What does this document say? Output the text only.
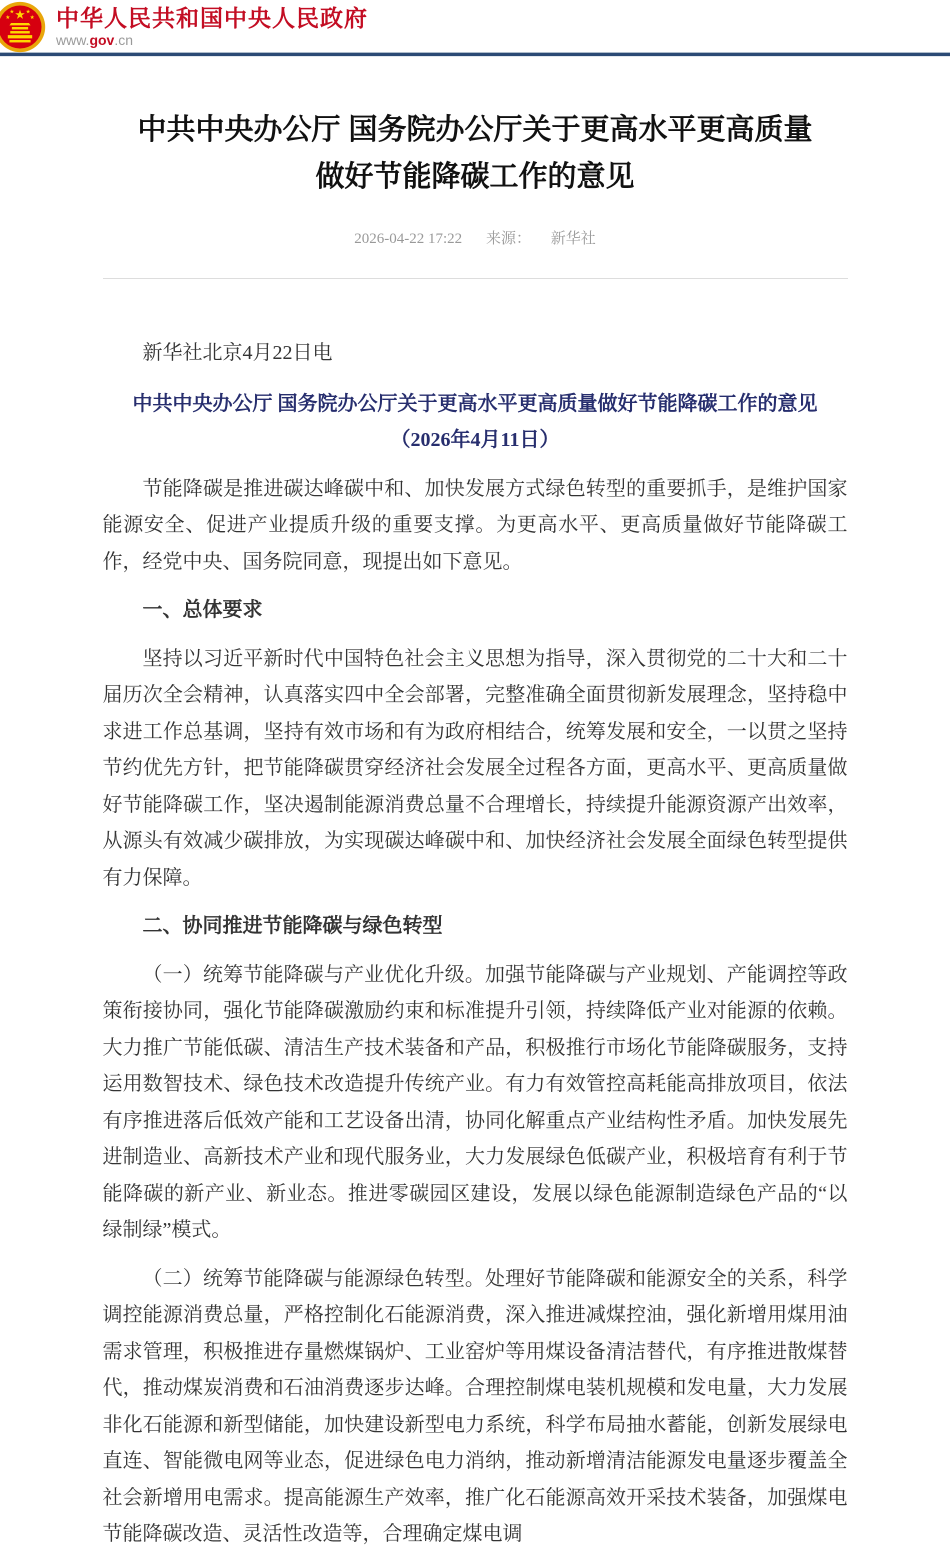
中华人民共和国中央人民政府
www.gov.cn
中共中央办公厅 国务院办公厅关于更高水平更高质量做好节能降碳工作的意见
2026-04-22 17:22 来源： 新华社

新华社北京4月22日电

中共中央办公厅 国务院办公厅关于更高水平更高质量做好节能降碳工作的意见

（2026年4月11日）

节能降碳是推进碳达峰碳中和、加快发展方式绿色转型的重要抓手，是维护国家能源安全、促进产业提质升级的重要支撑。为更高水平、更高质量做好节能降碳工作，经党中央、国务院同意，现提出如下意见。

一、总体要求

坚持以习近平新时代中国特色社会主义思想为指导，深入贯彻党的二十大和二十届历次全会精神，认真落实四中全会部署，完整准确全面贯彻新发展理念，坚持稳中求进工作总基调，坚持有效市场和有为政府相结合，统筹发展和安全，一以贯之坚持节约优先方针，把节能降碳贯穿经济社会发展全过程各方面，更高水平、更高质量做好节能降碳工作，坚决遏制能源消费总量不合理增长，持续提升能源资源产出效率，从源头有效减少碳排放，为实现碳达峰碳中和、加快经济社会发展全面绿色转型提供有力保障。

二、协同推进节能降碳与绿色转型

（一）统筹节能降碳与产业优化升级。加强节能降碳与产业规划、产能调控等政策衔接协同，强化节能降碳激励约束和标准提升引领，持续降低产业对能源的依赖。大力推广节能低碳、清洁生产技术装备和产品，积极推行市场化节能降碳服务，支持运用数智技术、绿色技术改造提升传统产业。有力有效管控高耗能高排放项目，依法有序推进落后低效产能和工艺设备出清，协同化解重点产业结构性矛盾。加快发展先进制造业、高新技术产业和现代服务业，大力发展绿色低碳产业，积极培育有利于节能降碳的新产业、新业态。推进零碳园区建设，发展以绿色能源制造绿色产品的“以绿制绿”模式。

（二）统筹节能降碳与能源绿色转型。处理好节能降碳和能源安全的关系，科学调控能源消费总量，严格控制化石能源消费，深入推进减煤控油，强化新增用煤用油需求管理，积极推进存量燃煤锅炉、工业窑炉等用煤设备清洁替代，有序推进散煤替代，推动煤炭消费和石油消费逐步达峰。合理控制煤电装机规模和发电量，大力发展非化石能源和新型储能，加快建设新型电力系统，科学布局抽水蓄能，创新发展绿电直连、智能微电网等业态，促进绿色电力消纳，推动新增清洁能源发电量逐步覆盖全社会新增用电需求。提高能源生产效率，推广化石能源高效开采技术装备，加强煤电节能降碳改造、灵活性改造等，合理确定煤电调
